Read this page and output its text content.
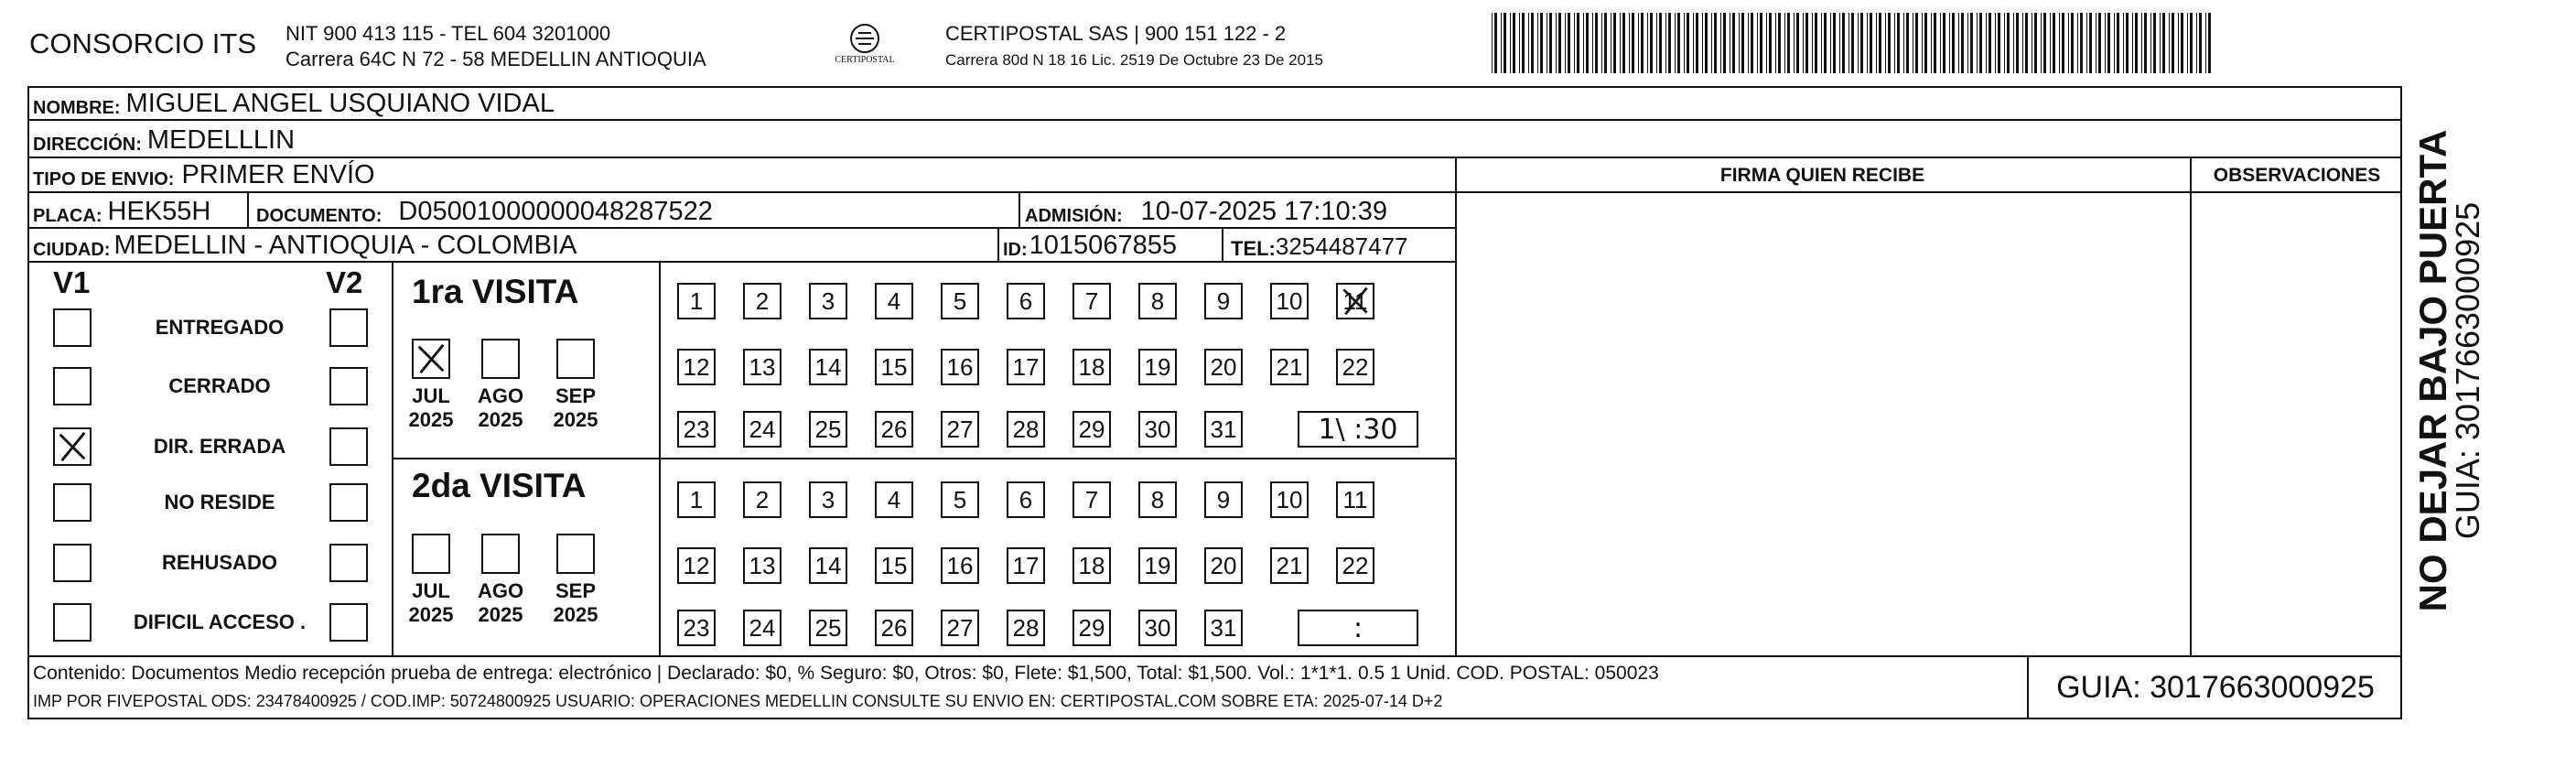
CONSORCIO ITS NIT 900 413 115 - TEL 604 3201000
Carrera 64C N 72 - 58 MEDELLIN ANTIOQUIA	CERTIPOSTAL
CERTIPOSTAL SAS | 900 151 122 - 2
Carrera 80d N 18 16 Lic. 2519 De Octubre 23 De 2015
NOMBRE: MIGUEL ANGEL USQUIANO VIDAL
DIRECCIÓN: MEDELLLIN
TIPO DE ENVIO: PRIMER ENVÍO	FIRMA QUIEN RECIBE	OBSERVACIONES
PLACA: HEK55H DOCUMENTO: D05001000000048287522	ADMISIÓN: 10-07-2025 17:10:39
CIUDAD: MEDELLIN - ANTIOQUIA - COLOMBIA	ID: 1015067855	TEL: 3254487477
V1	V2
ENTREGADO
CERRADO
DIR. ERRADA
NO RESIDE
REHUSADO
DIFICIL ACCESO .
1ra VISITA
JUL
2025
AGO
2025
SEP
2025
1 2 3 4 5 6 7 8 9 10 11
12 13 14 15 16 17 18 19 20 21 22
23 24 25 26 27 28 29 30 31	1\ :30
2da VISITA
JUL
2025
AGO
2025
SEP
2025
1 2 3 4 5 6 7 8 9 10 11
12 13 14 15 16 17 18 19 20 21 22
23 24 25 26 27 28 29 30 31	:
Contenido: Documentos Medio recepción prueba de entrega: electrónico | Declarado: $0, % Seguro: $0, Otros: $0, Flete: $1,500, Total: $1,500. Vol.: 1*1*1. 0.5 1 Unid. COD. POSTAL: 050023
IMP POR FIVEPOSTAL ODS: 23478400925 / COD.IMP: 50724800925 USUARIO: OPERACIONES MEDELLIN CONSULTE SU ENVIO EN: CERTIPOSTAL.COM SOBRE ETA: 2025-07-14 D+2	GUIA: 3017663000925
NO DEJAR BAJO PUERTA
GUIA: 3017663000925
